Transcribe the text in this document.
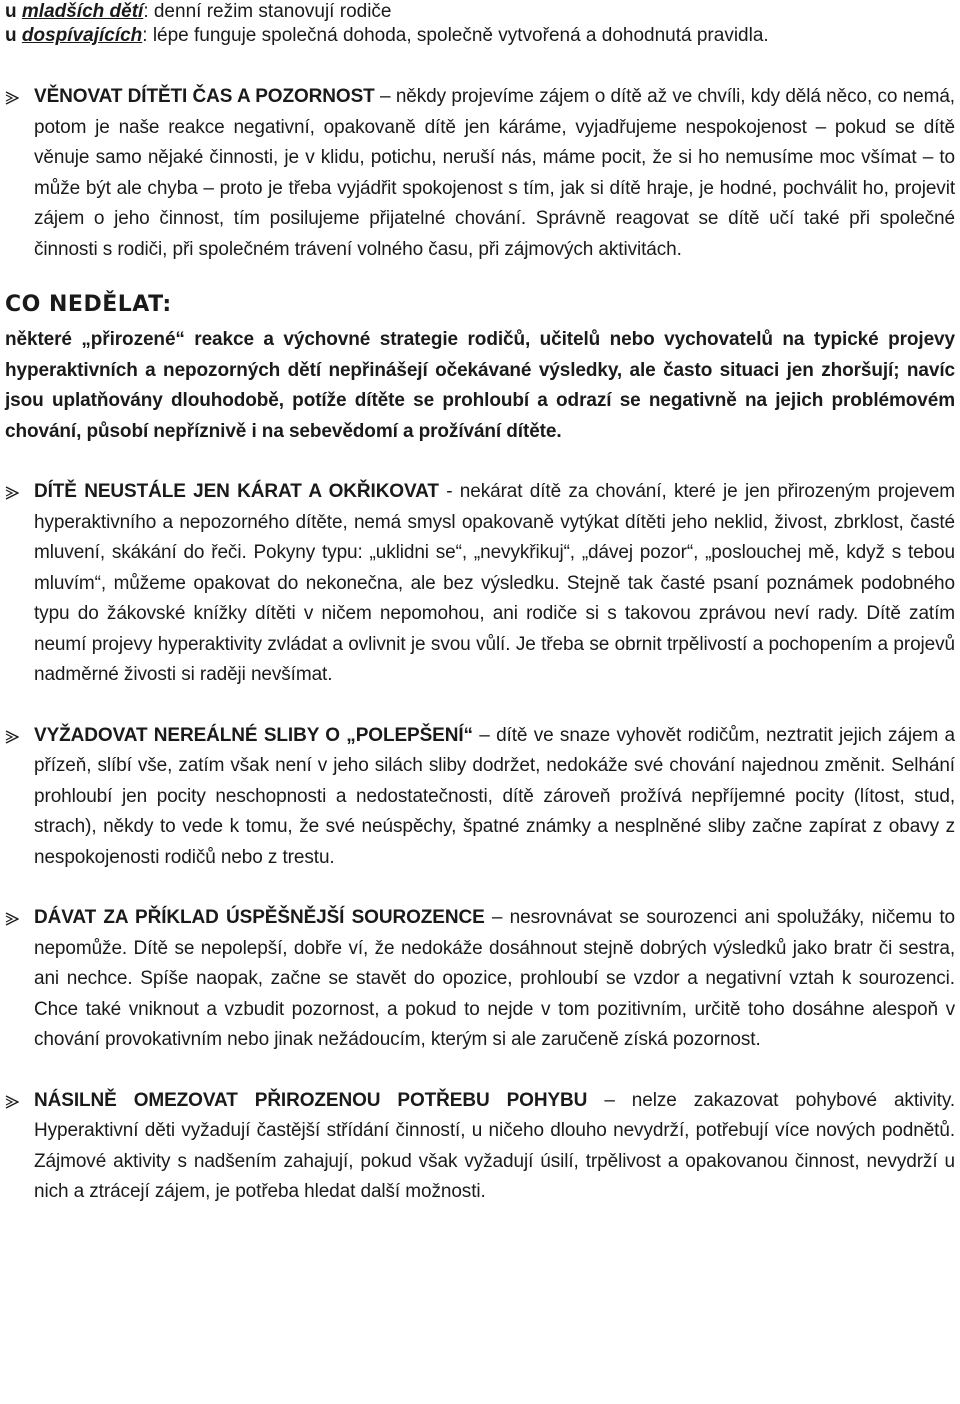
u mladších dětí: denní režim stanovují rodiče

u dospívajících: lépe funguje společná dohoda, společně vytvořená a dohodnutá pravidla.

VĚNOVAT DÍTĚTI ČAS A POZORNOST – někdy projevíme zájem o dítě až ve chvíli, kdy dělá něco, co nemá, potom je naše reakce negativní, opakovaně dítě jen káráme, vyjadřujeme nespokojenost – pokud se dítě věnuje samo nějaké činnosti, je v klidu, potichu, neruší nás, máme pocit, že si ho nemusíme moc všímat – to může být ale chyba – proto je třeba vyjádřit spokojenost s tím, jak si dítě hraje, je hodné, pochválit ho, projevit zájem o jeho činnost, tím posilujeme přijatelné chování. Správně reagovat se dítě učí také při společné činnosti s rodiči, při společném trávení volného času, při zájmových aktivitách.

CO NEDĚLAT:

některé „přirozené“ reakce a výchovné strategie rodičů, učitelů nebo vychovatelů na typické projevy hyperaktivních a nepozorných dětí nepřinášejí očekávané výsledky, ale často situaci jen zhoršují; navíc jsou uplatňovány dlouhodobě, potíže dítěte se prohloubí a odrazí se negativně na jejich problémovém chování, působí nepříznivě i na sebevědomí a prožívání dítěte.

DÍTĚ NEUSTÁLE JEN KÁRAT A OKŘIKOVAT - nekárat dítě za chování, které je jen přirozeným projevem hyperaktivního a nepozorného dítěte, nemá smysl opakovaně vytýkat dítěti jeho neklid, živost, zbrklost, časté mluvení, skákání do řeči. Pokyny typu: „uklidni se“, „nevykřikuj“, „dávej pozor“, „poslouchej mě, když s tebou mluvím“, můžeme opakovat do nekonečna, ale bez výsledku. Stejně tak časté psaní poznámek podobného typu do žákovské knížky dítěti v ničem nepomohou, ani rodiče si s takovou zprávou neví rady. Dítě zatím neumí projevy hyperaktivity zvládat a ovlivnit je svou vůlí. Je třeba se obrnit trpělivostí a pochopením a projevů nadměrné živosti si raději nevšímat.
VYŽADOVAT NEREÁLNÉ SLIBY O „POLEPŠENÍ“ – dítě ve snaze vyhovět rodičům, neztratit jejich zájem a přízeň, slíbí vše, zatím však není v jeho silách sliby dodržet, nedokáže své chování najednou změnit. Selhání prohloubí jen pocity neschopnosti a nedostatečnosti, dítě zároveň prožívá nepříjemné pocity (lítost, stud, strach), někdy to vede k tomu, že své neúspěchy, špatné známky a nesplněné sliby začne zapírat z obavy z nespokojenosti rodičů nebo z trestu.
DÁVAT ZA PŘÍKLAD ÚSPĚŠNĚJŠÍ SOUROZENCE – nesrovnávat se sourozenci ani spolužáky, ničemu to nepomůže. Dítě se nepolepší, dobře ví, že nedokáže dosáhnout stejně dobrých výsledků jako bratr či sestra, ani nechce. Spíše naopak, začne se stavět do opozice, prohloubí se vzdor a negativní vztah k sourozenci. Chce také vniknout a vzbudit pozornost, a pokud to nejde v tom pozitivním, určitě toho dosáhne alespoň v chování provokativním nebo jinak nežádoucím, kterým si ale zaručeně získá pozornost.
NÁSILNĚ OMEZOVAT PŘIROZENOU POTŘEBU POHYBU – nelze zakazovat pohybové aktivity. Hyperaktivní děti vyžadují častější střídání činností, u ničeho dlouho nevydrží, potřebují více nových podnětů. Zájmové aktivity s nadšením zahajují, pokud však vyžadují úsilí, trpělivost a opakovanou činnost, nevydrží u nich a ztrácejí zájem, je potřeba hledat další možnosti.
